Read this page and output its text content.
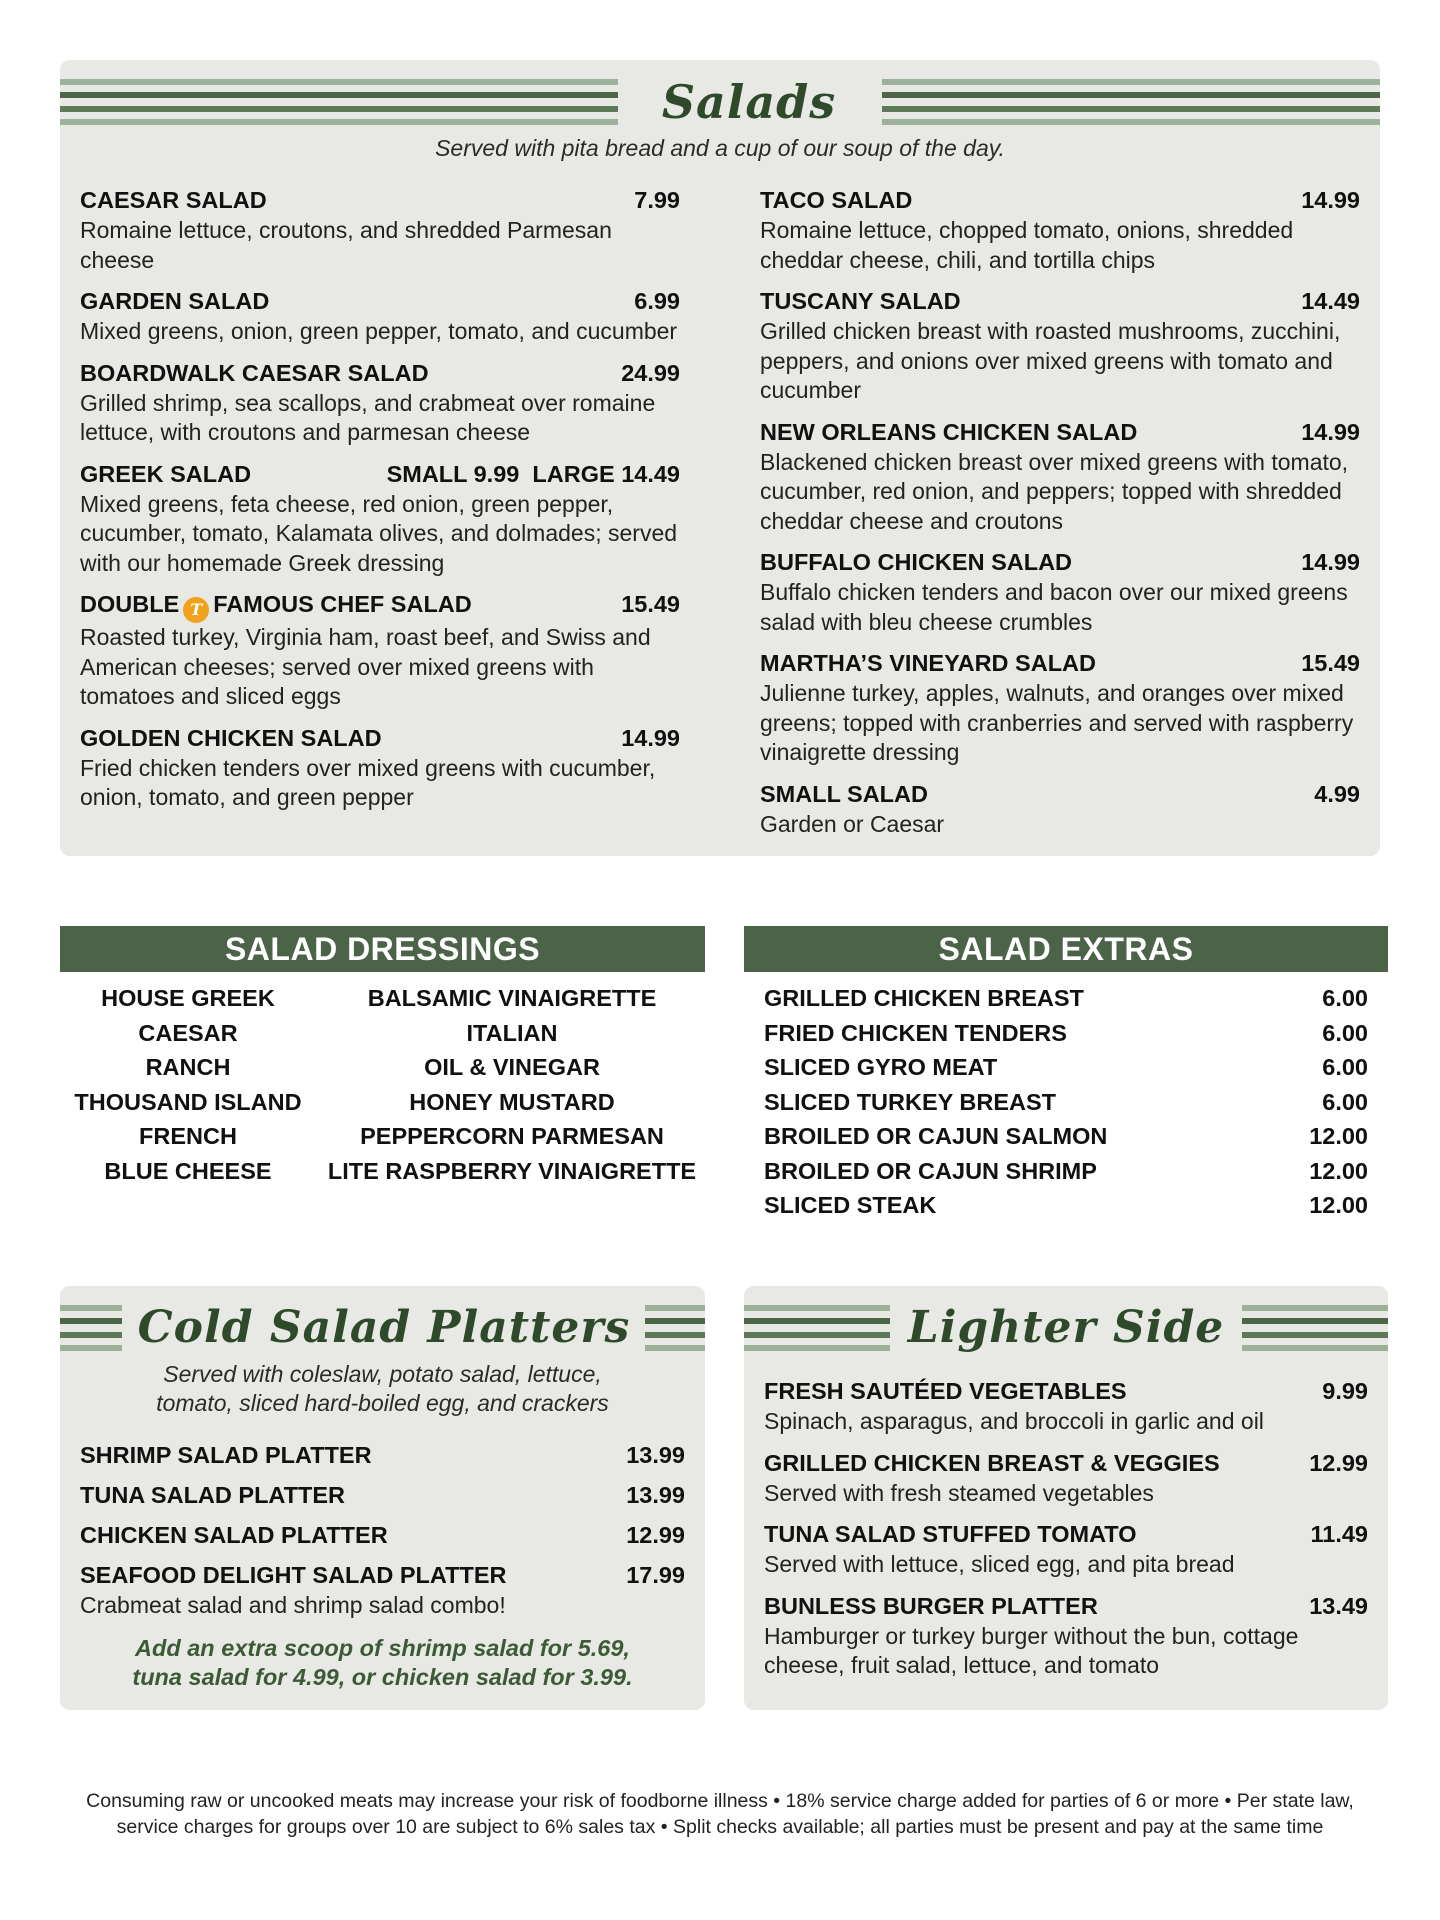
Salads
Served with pita bread and a cup of our soup of the day.
CAESAR SALAD	7.99
Romaine lettuce, croutons, and shredded Parmesan cheese
GARDEN SALAD	6.99
Mixed greens, onion, green pepper, tomato, and cucumber
BOARDWALK CAESAR SALAD	24.99
Grilled shrimp, sea scallops, and crabmeat over romaine lettuce, with croutons and parmesan cheese
GREEK SALAD	SMALL 9.99  LARGE 14.49
Mixed greens, feta cheese, red onion, green pepper, cucumber, tomato, Kalamata olives, and dolmades; served with our homemade Greek dressing
DOUBLE T FAMOUS CHEF SALAD	15.49
Roasted turkey, Virginia ham, roast beef, and Swiss and American cheeses; served over mixed greens with tomatoes and sliced eggs
GOLDEN CHICKEN SALAD	14.99
Fried chicken tenders over mixed greens with cucumber, onion, tomato, and green pepper
TACO SALAD	14.99
Romaine lettuce, chopped tomato, onions, shredded cheddar cheese, chili, and tortilla chips
TUSCANY SALAD	14.49
Grilled chicken breast with roasted mushrooms, zucchini, peppers, and onions over mixed greens with tomato and cucumber
NEW ORLEANS CHICKEN SALAD	14.99
Blackened chicken breast over mixed greens with tomato, cucumber, red onion, and peppers; topped with shredded cheddar cheese and croutons
BUFFALO CHICKEN SALAD	14.99
Buffalo chicken tenders and bacon over our mixed greens salad with bleu cheese crumbles
MARTHA’S VINEYARD SALAD	15.49
Julienne turkey, apples, walnuts, and oranges over mixed greens; topped with cranberries and served with raspberry vinaigrette dressing
SMALL SALAD	4.99
Garden or Caesar
SALAD DRESSINGS
HOUSE GREEK
CAESAR
RANCH
THOUSAND ISLAND
FRENCH
BLUE CHEESE
BALSAMIC VINAIGRETTE
ITALIAN
OIL & VINEGAR
HONEY MUSTARD
PEPPERCORN PARMESAN
LITE RASPBERRY VINAIGRETTE
SALAD EXTRAS
GRILLED CHICKEN BREAST	6.00
FRIED CHICKEN TENDERS	6.00
SLICED GYRO MEAT	6.00
SLICED TURKEY BREAST	6.00
BROILED OR CAJUN SALMON	12.00
BROILED OR CAJUN SHRIMP	12.00
SLICED STEAK	12.00
Cold Salad Platters
Served with coleslaw, potato salad, lettuce,
tomato, sliced hard-boiled egg, and crackers
SHRIMP SALAD PLATTER	13.99
TUNA SALAD PLATTER	13.99
CHICKEN SALAD PLATTER	12.99
SEAFOOD DELIGHT SALAD PLATTER	17.99
Crabmeat salad and shrimp salad combo!
Add an extra scoop of shrimp salad for 5.69,
tuna salad for 4.99, or chicken salad for 3.99.
Lighter Side
FRESH SAUTÉED VEGETABLES	9.99
Spinach, asparagus, and broccoli in garlic and oil
GRILLED CHICKEN BREAST & VEGGIES	12.99
Served with fresh steamed vegetables
TUNA SALAD STUFFED TOMATO	11.49
Served with lettuce, sliced egg, and pita bread
BUNLESS BURGER PLATTER	13.49
Hamburger or turkey burger without the bun, cottage cheese, fruit salad, lettuce, and tomato
Consuming raw or uncooked meats may increase your risk of foodborne illness • 18% service charge added for parties of 6 or more • Per state law,
service charges for groups over 10 are subject to 6% sales tax • Split checks available; all parties must be present and pay at the same time
